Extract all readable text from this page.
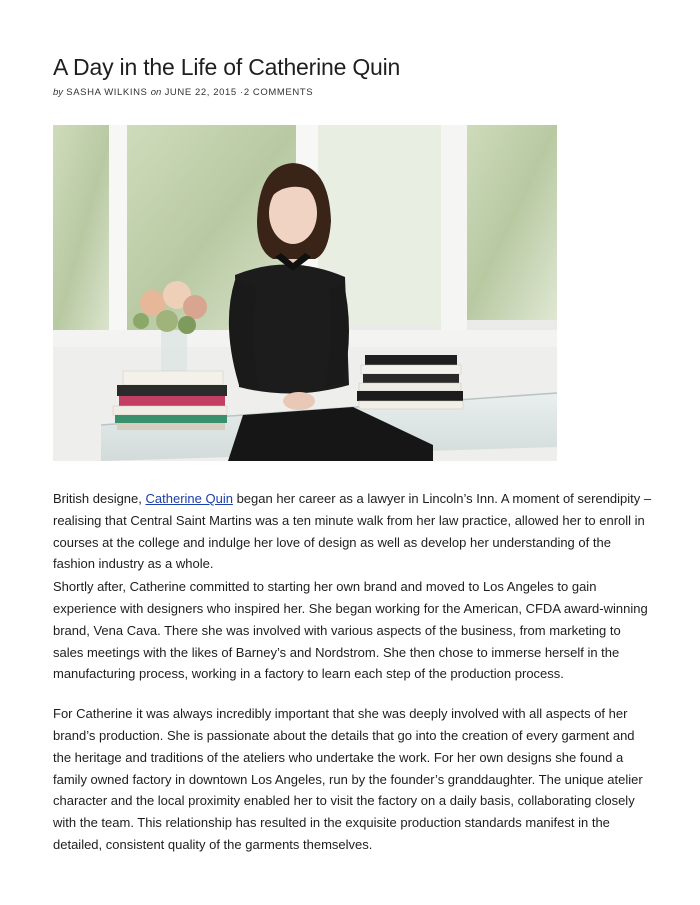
A Day in the Life of Catherine Quin
by SASHA WILKINS on JUNE 22, 2015 ·2 COMMENTS

British designe, Catherine Quin began her career as a lawyer in Lincoln’s Inn. A moment of serendipity – realising that Central Saint Martins was a ten minute walk from her law practice, allowed her to enroll in courses at the college and indulge her love of design as well as develop her understanding of the fashion industry as a whole.

Shortly after, Catherine committed to starting her own brand and moved to Los Angeles to gain experience with designers who inspired her. She began working for the American, CFDA award-winning brand, Vena Cava. There she was involved with various aspects of the business, from marketing to sales meetings with the likes of Barney’s and Nordstrom. She then chose to immerse herself in the manufacturing process, working in a factory to learn each step of the production process.

For Catherine it was always incredibly important that she was deeply involved with all aspects of her brand’s production. She is passionate about the details that go into the creation of every garment and the heritage and traditions of the ateliers who undertake the work. For her own designs she found a family owned factory in downtown Los Angeles, run by the founder’s granddaughter. The unique atelier character and the local proximity enabled her to visit the factory on a daily basis, collaborating closely with the team. This relationship has resulted in the exquisite production standards manifest in the detailed, consistent quality of the garments themselves.
